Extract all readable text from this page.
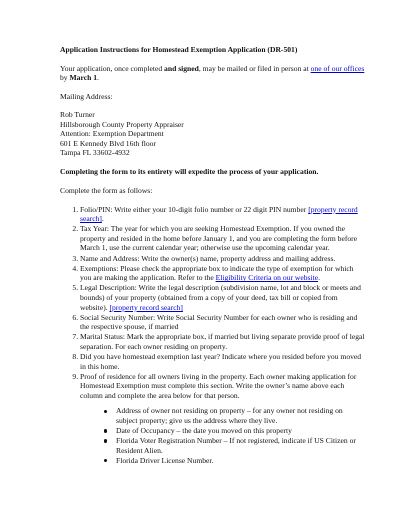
Application Instructions for Homestead Exemption Application (DR-501)

Your application, once completed and signed, may be mailed or filed in person at one of our offices by March 1.

Mailing Address:

Rob Turner
Hillsborough County Property Appraiser
Attention: Exemption Department
601 E Kennedy Blvd 16th floor
Tampa FL 33602-4932

Completing the form to its entirety will expedite the process of your application.

Complete the form as follows:

1. Folio/PIN: Write either your 10-digit folio number or 22 digit PIN number [property record search].
2. Tax Year: The year for which you are seeking Homestead Exemption. If you owned the property and resided in the home before January 1, and you are completing the form before March 1, use the current calendar year; otherwise use the upcoming calendar year.
3. Name and Address: Write the owner(s) name, property address and mailing address.
4. Exemptions: Please check the appropriate box to indicate the type of exemption for which you are making the application. Refer to the Eligibility Criteria on our website.
5. Legal Description: Write the legal description (subdivision name, lot and block or meets and bounds) of your property (obtained from a copy of your deed, tax bill or copied from website). [property record search]
6. Social Security Number: Write Social Security Number for each owner who is residing and the respective spouse, if married
7. Marital Status: Mark the appropriate box, if married but living separate provide proof of legal separation. For each owner residing on property.
8. Did you have homestead exemption last year? Indicate where you resided before you moved in this home.
9. Proof of residence for all owners living in the property. Each owner making application for Homestead Exemption must complete this section. Write the owner’s name above each column and complete the area below for that person.
Address of owner not residing on property – for any owner not residing on subject property; give us the address where they live.
Date of Occupancy – the date you moved on this property
Florida Voter Registration Number – If not registered, indicate if US Citizen or Resident Alien.
Florida Driver License Number.
